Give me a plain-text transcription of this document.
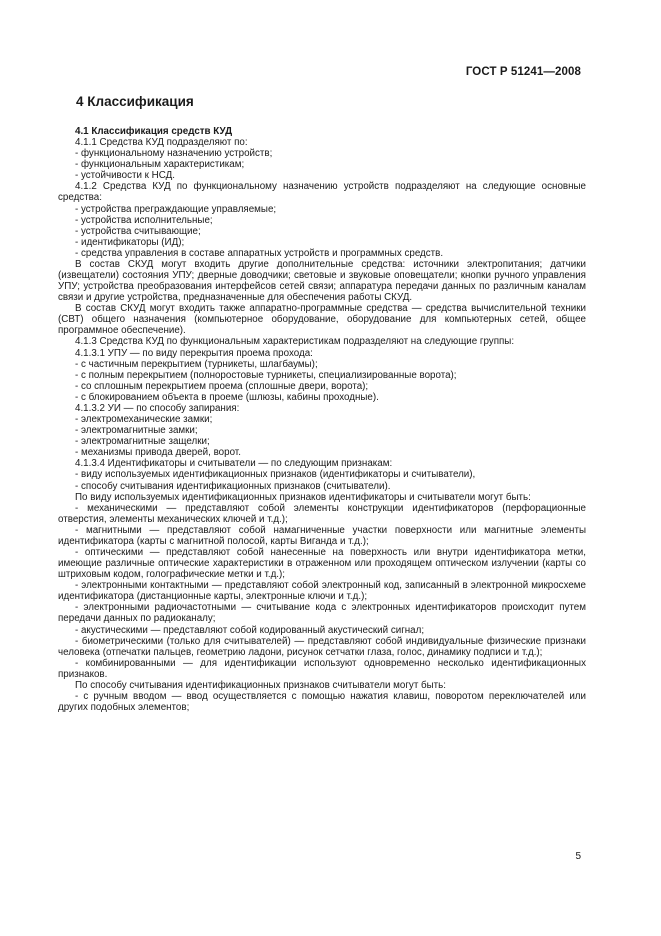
ГОСТ Р 51241—2008
4 Классификация

4.1 Классификация средств КУД

4.1.1 Средства КУД подразделяют по:

- функциональному назначению устройств;

- функциональным характеристикам;

- устойчивости к НСД.

4.1.2 Средства КУД по функциональному назначению устройств подразделяют на следующие основные средства:

- устройства преграждающие управляемые;

- устройства исполнительные;

- устройства считывающие;

- идентификаторы (ИД);

- средства управления в составе аппаратных устройств и программных средств.

В состав СКУД могут входить другие дополнительные средства: источники электропитания; датчики (извещатели) состояния УПУ; дверные доводчики; световые и звуковые оповещатели; кнопки ручного управления УПУ; устройства преобразования интерфейсов сетей связи; аппаратура передачи данных по различным каналам связи и другие устройства, предназначенные для обеспечения работы СКУД.

В состав СКУД могут входить также аппаратно-программные средства — средства вычислительной техники (СВТ) общего назначения (компьютерное оборудование, оборудование для компьютерных сетей, общее программное обеспечение).

4.1.3 Средства КУД по функциональным характеристикам подразделяют на следующие группы:

4.1.3.1 УПУ — по виду перекрытия проема прохода:

- с частичным перекрытием (турникеты, шлагбаумы);

- с полным перекрытием (полноростовые турникеты, специализированные ворота);

- со сплошным перекрытием проема (сплошные двери, ворота);

- с блокированием объекта в проеме (шлюзы, кабины проходные).

4.1.3.2 УИ — по способу запирания:

- электромеханические замки;

- электромагнитные замки;

- электромагнитные защелки;

- механизмы привода дверей, ворот.

4.1.3.4 Идентификаторы и считыватели — по следующим признакам:

- виду используемых идентификационных признаков (идентификаторы и считыватели),

- способу считывания идентификационных признаков (считыватели).

По виду используемых идентификационных признаков идентификаторы и считыватели могут быть:

- механическими — представляют собой элементы конструкции идентификаторов (перфорационные отверстия, элементы механических ключей и т.д.);

- магнитными — представляют собой намагниченные участки поверхности или магнитные элементы идентификатора (карты с магнитной полосой, карты Виганда и т.д.);

- оптическими — представляют собой нанесенные на поверхность или внутри идентификатора метки, имеющие различные оптические характеристики в отраженном или проходящем оптическом излучении (карты со штриховым кодом, голографические метки и т.д.);

- электронными контактными — представляют собой электронный код, записанный в электронной микросхеме идентификатора (дистанционные карты, электронные ключи и т.д.);

- электронными радиочастотными — считывание кода с электронных идентификаторов происходит путем передачи данных по радиоканалу;

- акустическими — представляют собой кодированный акустический сигнал;

- биометрическими (только для считывателей) — представляют собой индивидуальные физические признаки человека (отпечатки пальцев, геометрию ладони, рисунок сетчатки глаза, голос, динамику подписи и т.д.);

- комбинированными — для идентификации используют одновременно несколько идентификационных признаков.

По способу считывания идентификационных признаков считыватели могут быть:

- с ручным вводом — ввод осуществляется с помощью нажатия клавиш, поворотом переключателей или других подобных элементов;

5
